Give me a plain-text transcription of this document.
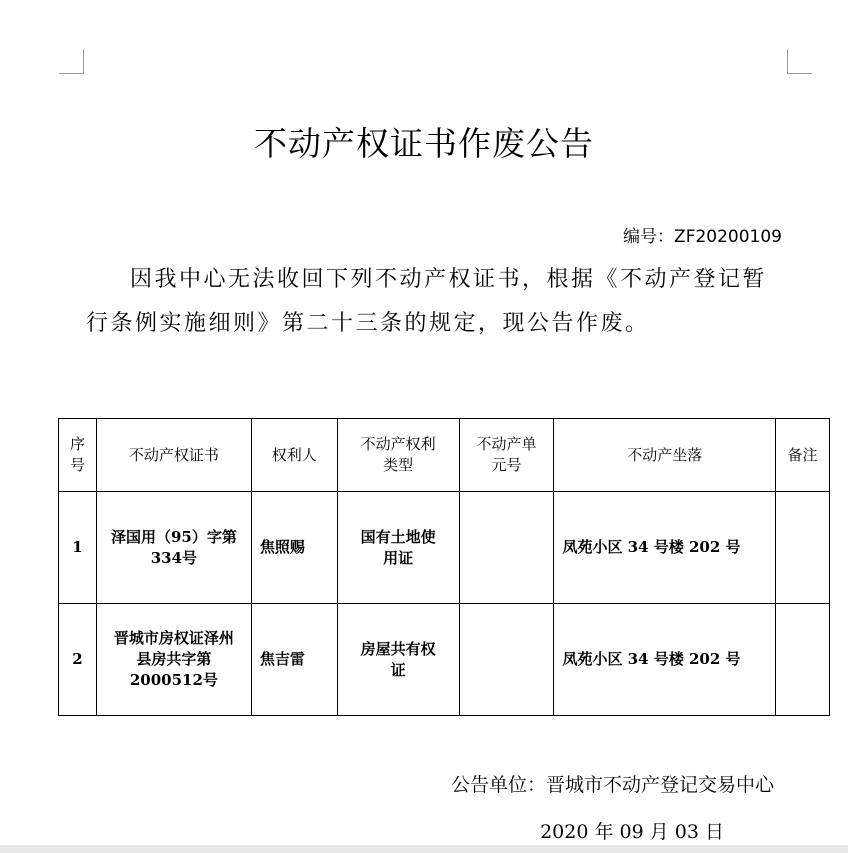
不动产权证书作废公告
编号：ZF20200109
因我中心无法收回下列不动产权证书，根据《不动产登记暂行条例实施细则》第二十三条的规定，现公告作废。
序号	不动产权证书	权利人	不动产权利类型	不动产单元号	不动产坐落	备注
1	泽国用（95）字第334号	焦照赐	国有土地使用证		凤苑小区 34 号楼 202 号	
2	晋城市房权证泽州县房共字第2000512号	焦吉雷	房屋共有权证		凤苑小区 34 号楼 202 号	
公告单位：晋城市不动产登记交易中心
2020 年 09 月 03 日
